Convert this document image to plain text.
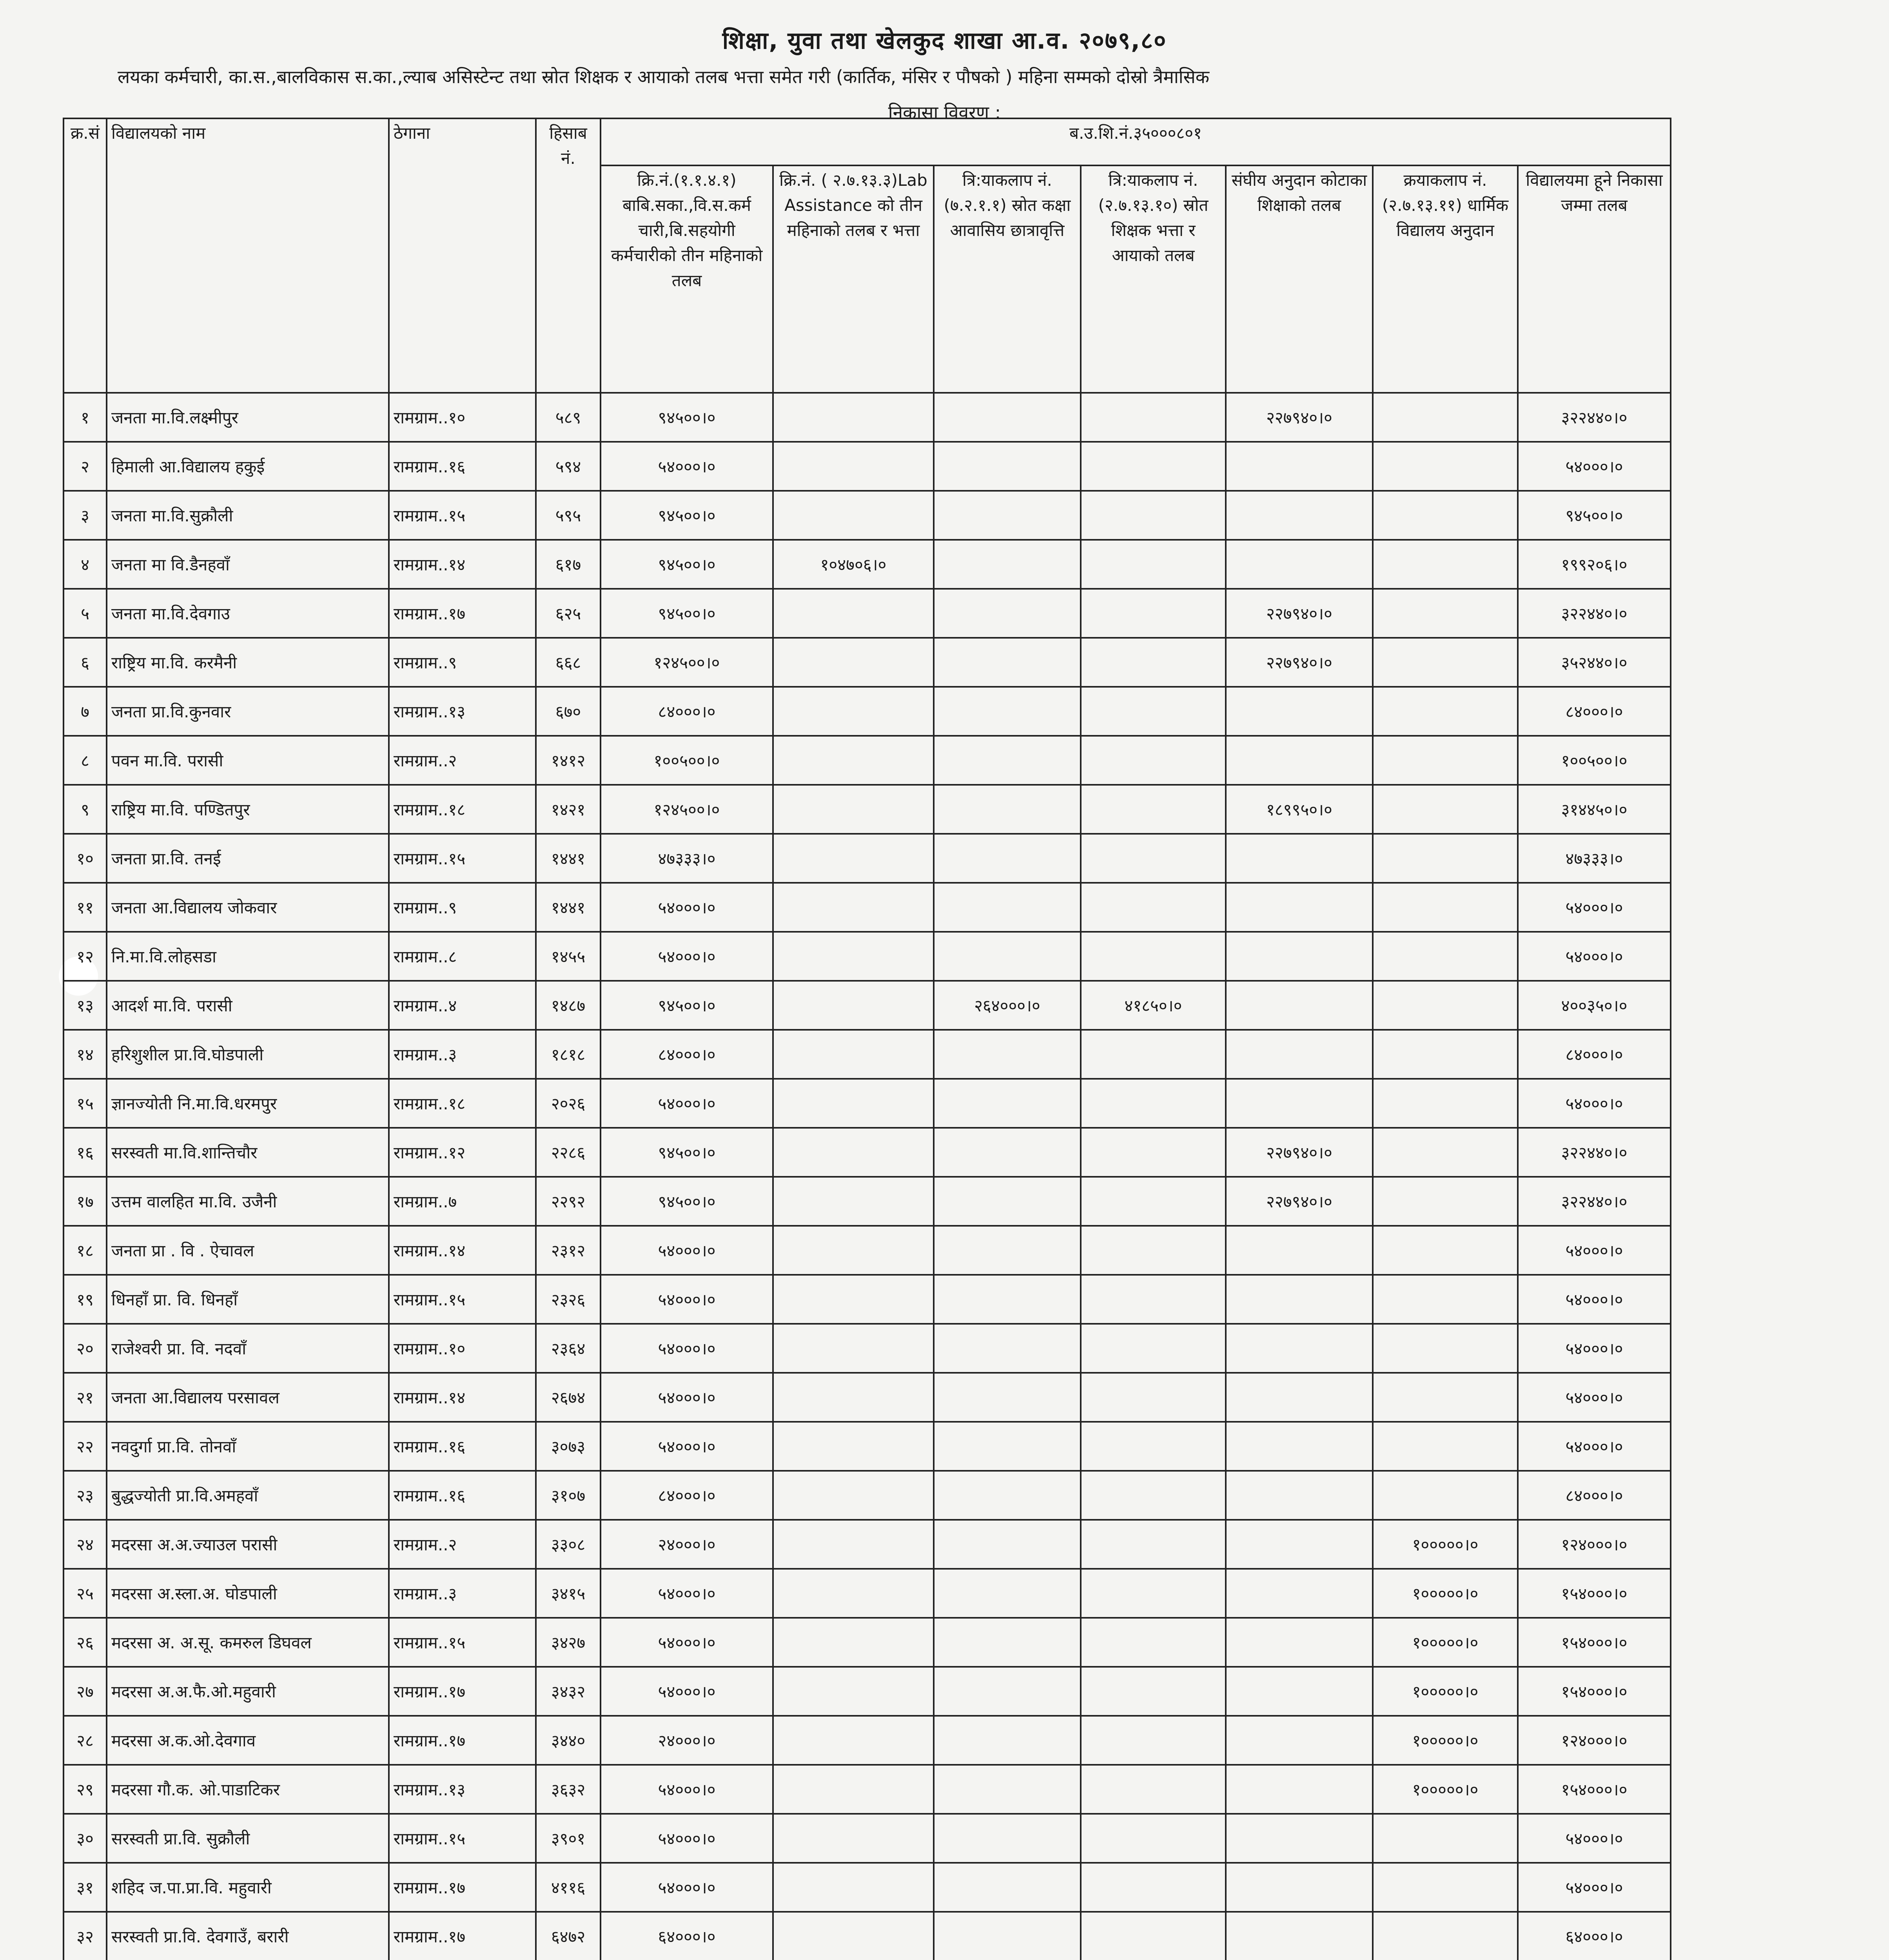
शिक्षा, युवा तथा खेलकुद शाखा आ.व. २०७९,८०
लयका कर्मचारी, का.स.,बालविकास स.का.,ल्याब असिस्टेन्ट तथा स्रोत शिक्षक र आयाको तलब भत्ता समेत गरी (कार्तिक, मंसिर र पौषको ) महिना सम्मको दोस्रो त्रैमासिक
निकासा विवरण :
क्र.सं	विद्यालयको नाम	ठेगाना	हिसाब नं.	ब.उ.शि.नं.३५०००८०१						
				क्रि.नं.(१.१.४.१) बाबि.सका.,वि.स.कर्म चारी,बि.सहयोगी कर्मचारीको तीन महिनाको तलब	क्रि.नं. ( २.७.१३.३)Lab Assistance को तीन महिनाको तलब र भत्ता	त्रि:याकलाप नं. (७.२.१.१) स्रोत कक्षा आवासिय छात्रावृत्ति	त्रि:याकलाप नं. (२.७.१३.१०) स्रोत शिक्षक भत्ता र आयाको तलब	संघीय अनुदान कोटाका शिक्षाको तलब	क्रयाकलाप नं. (२.७.१३.११) धार्मिक विद्यालय अनुदान	विद्यालयमा हूने निकासा जम्मा तलब
१	जनता मा.वि.लक्ष्मीपुर	रामग्राम..१०	५८९	९४५००।०				२२७९४०।०		३२२४४०।०
२	हिमाली आ.विद्यालय हकुई	रामग्राम..१६	५९४	५४०००।०						५४०००।०
३	जनता मा.वि.सुक्रौली	रामग्राम..१५	५९५	९४५००।०						९४५००।०
४	जनता मा वि.डैनहवाँ	रामग्राम..१४	६१७	९४५००।०	१०४७०६।०					१९९२०६।०
५	जनता मा.वि.देवगाउ	रामग्राम..१७	६२५	९४५००।०				२२७९४०।०		३२२४४०।०
६	राष्ट्रिय मा.वि. करमैनी	रामग्राम..९	६६८	१२४५००।०				२२७९४०।०		३५२४४०।०
७	जनता प्रा.वि.कुनवार	रामग्राम..१३	६७०	८४०००।०						८४०००।०
८	पवन मा.वि. परासी	रामग्राम..२	१४१२	१००५००।०						१००५००।०
९	राष्ट्रिय मा.वि. पण्डितपुर	रामग्राम..१८	१४२१	१२४५००।०				१८९९५०।०		३१४४५०।०
१०	जनता प्रा.वि. तनई	रामग्राम..१५	१४४१	४७३३३।०						४७३३३।०
११	जनता आ.विद्यालय जोकवार	रामग्राम..९	१४४१	५४०००।०						५४०००।०
१२	नि.मा.वि.लोहसडा	रामग्राम..८	१४५५	५४०००।०						५४०००।०
१३	आदर्श मा.वि. परासी	रामग्राम..४	१४८७	९४५००।०		२६४०००।०	४१८५०।०			४००३५०।०
१४	हरिशुशील प्रा.वि.घोडपाली	रामग्राम..३	१८१८	८४०००।०						८४०००।०
१५	ज्ञानज्योती नि.मा.वि.धरमपुर	रामग्राम..१८	२०२६	५४०००।०						५४०००।०
१६	सरस्वती मा.वि.शान्तिचौर	रामग्राम..१२	२२८६	९४५००।०				२२७९४०।०		३२२४४०।०
१७	उत्तम वालहित मा.वि. उजैनी	रामग्राम..७	२२९२	९४५००।०				२२७९४०।०		३२२४४०।०
१८	जनता प्रा . वि . ऐचावल	रामग्राम..१४	२३१२	५४०००।०						५४०००।०
१९	धिनहाँ प्रा. वि. धिनहाँ	रामग्राम..१५	२३२६	५४०००।०						५४०००।०
२०	राजेश्वरी प्रा. वि. नदवाँ	रामग्राम..१०	२३६४	५४०००।०						५४०००।०
२१	जनता आ.विद्यालय परसावल	रामग्राम..१४	२६७४	५४०००।०						५४०००।०
२२	नवदुर्गा प्रा.वि. तोनवाँ	रामग्राम..१६	३०७३	५४०००।०						५४०००।०
२३	बुद्धज्योती प्रा.वि.अमहवाँ	रामग्राम..१६	३१०७	८४०००।०						८४०००।०
२४	मदरसा अ.अ.ज्याउल परासी	रामग्राम..२	३३०८	२४०००।०					१०००००।०	१२४०००।०
२५	मदरसा अ.स्ला.अ. घोडपाली	रामग्राम..३	३४१५	५४०००।०					१०००००।०	१५४०००।०
२६	मदरसा अ. अ.सू. कमरुल डिघवल	रामग्राम..१५	३४२७	५४०००।०					१०००००।०	१५४०००।०
२७	मदरसा अ.अ.फै.ओ.महुवारी	रामग्राम..१७	३४३२	५४०००।०					१०००००।०	१५४०००।०
२८	मदरसा अ.क.ओ.देवगाव	रामग्राम..१७	३४४०	२४०००।०					१०००००।०	१२४०००।०
२९	मदरसा गौ.क. ओ.पाडाटिकर	रामग्राम..१३	३६३२	५४०००।०					१०००००।०	१५४०००।०
३०	सरस्वती प्रा.वि. सुक्रौली	रामग्राम..१५	३९०१	५४०००।०						५४०००।०
३१	शहिद ज.पा.प्रा.वि. महुवारी	रामग्राम..१७	४११६	५४०००।०						५४०००।०
३२	सरस्वती प्रा.वि. देवगाउँ, बरारी	रामग्राम..१७	६४७२	६४०००।०						६४०००।०
